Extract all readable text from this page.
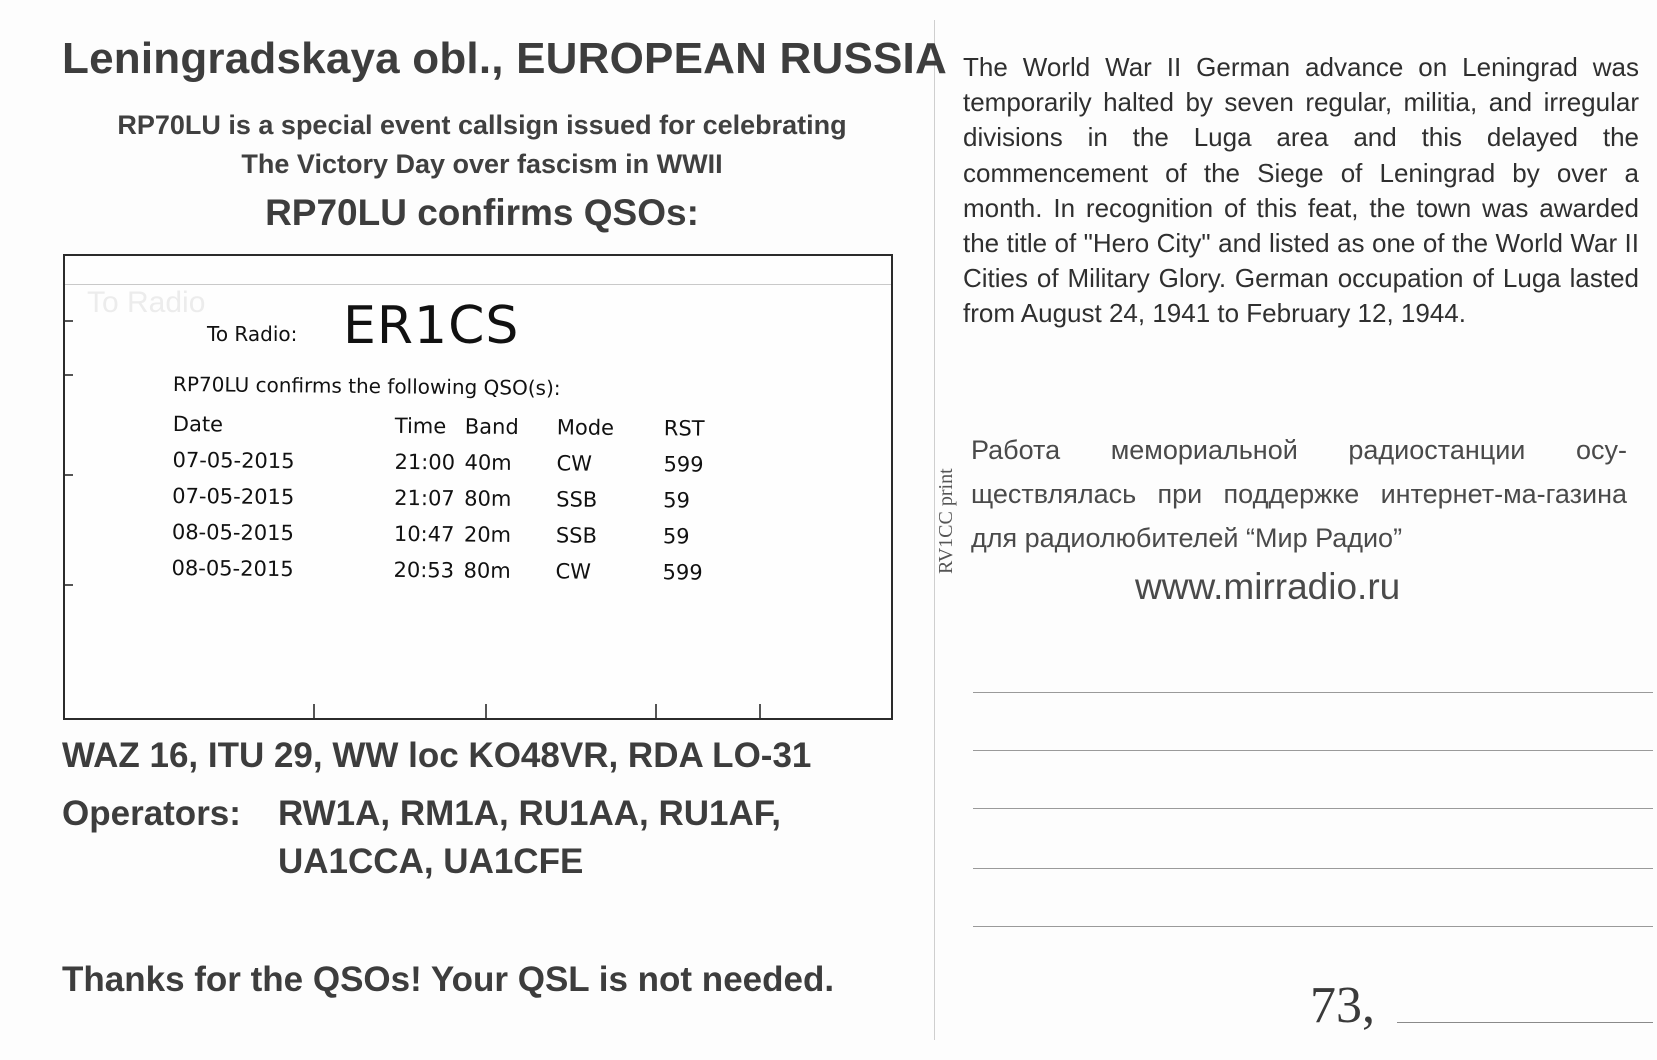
Leningradskaya obl., EUROPEAN RUSSIA
RP70LU is a special event callsign issued for celebrating
The Victory Day over fascism in WWII
RP70LU confirms QSOs:
To Radio
To Radio: ER1CS
RP70LU confirms the following QSO(s):
Date	Time	Band	Mode	RST
07-05-2015	21:00	40m	CW	599
07-05-2015	21:07	80m	SSB	59
08-05-2015	10:47	20m	SSB	59
08-05-2015	20:53	80m	CW	599
WAZ 16, ITU 29, WW loc KO48VR, RDA LO-31
Operators: RW1A, RM1A, RU1AA, RU1AF,
UA1CCA, UA1CFE
Thanks for the QSOs! Your QSL is not needed.

The World War II German advance on Leningrad was temporarily halted by seven regular, militia, and irregular divisions in the Luga area and this delayed the commencement of the Siege of Leningrad by over a month. In recognition of this feat, the town was awarded the title of "Hero City" and listed as one of the World War II Cities of Military Glory. German occupation of Luga lasted from August 24, 1941 to February 12, 1944.

RV1CC print

Работа мемориальной радиостанции осу-ществлялась при поддержке интернет-ма-газина для радиолюбителей “Мир Радио”

www.mirradio.ru
73,
